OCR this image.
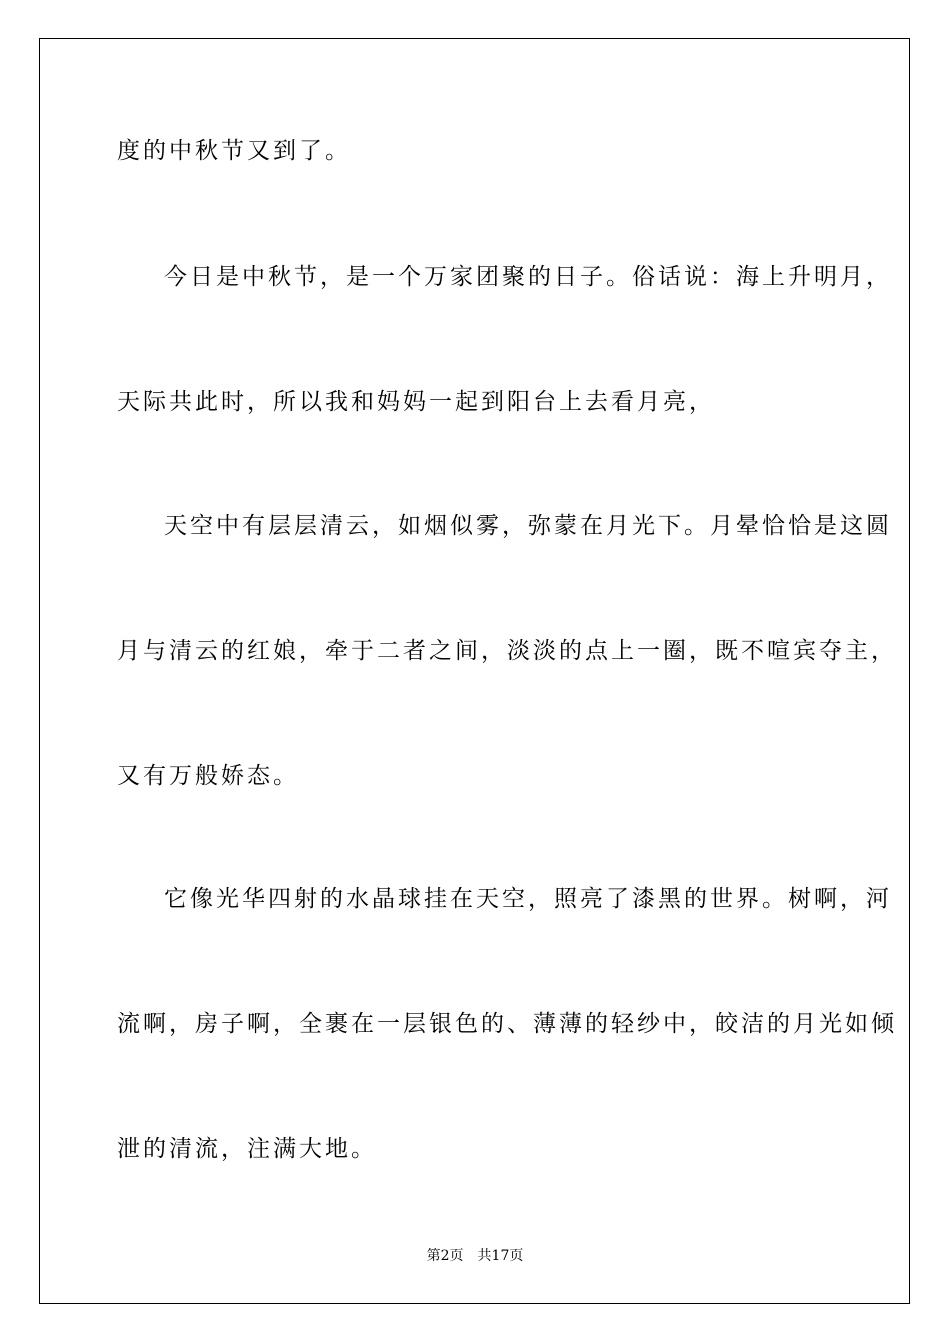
度的中秋节又到了。
今日是中秋节，是一个万家团聚的日子。俗话说：海上升明月，
天际共此时，所以我和妈妈一起到阳台上去看月亮，
天空中有层层清云，如烟似雾，弥蒙在月光下。月晕恰恰是这圆
月与清云的红娘，牵于二者之间，淡淡的点上一圈，既不喧宾夺主，
又有万般娇态。
它像光华四射的水晶球挂在天空，照亮了漆黑的世界。树啊，河
流啊，房子啊，全裹在一层银色的、薄薄的轻纱中，皎洁的月光如倾
泄的清流，注满大地。
第2页 共17页
